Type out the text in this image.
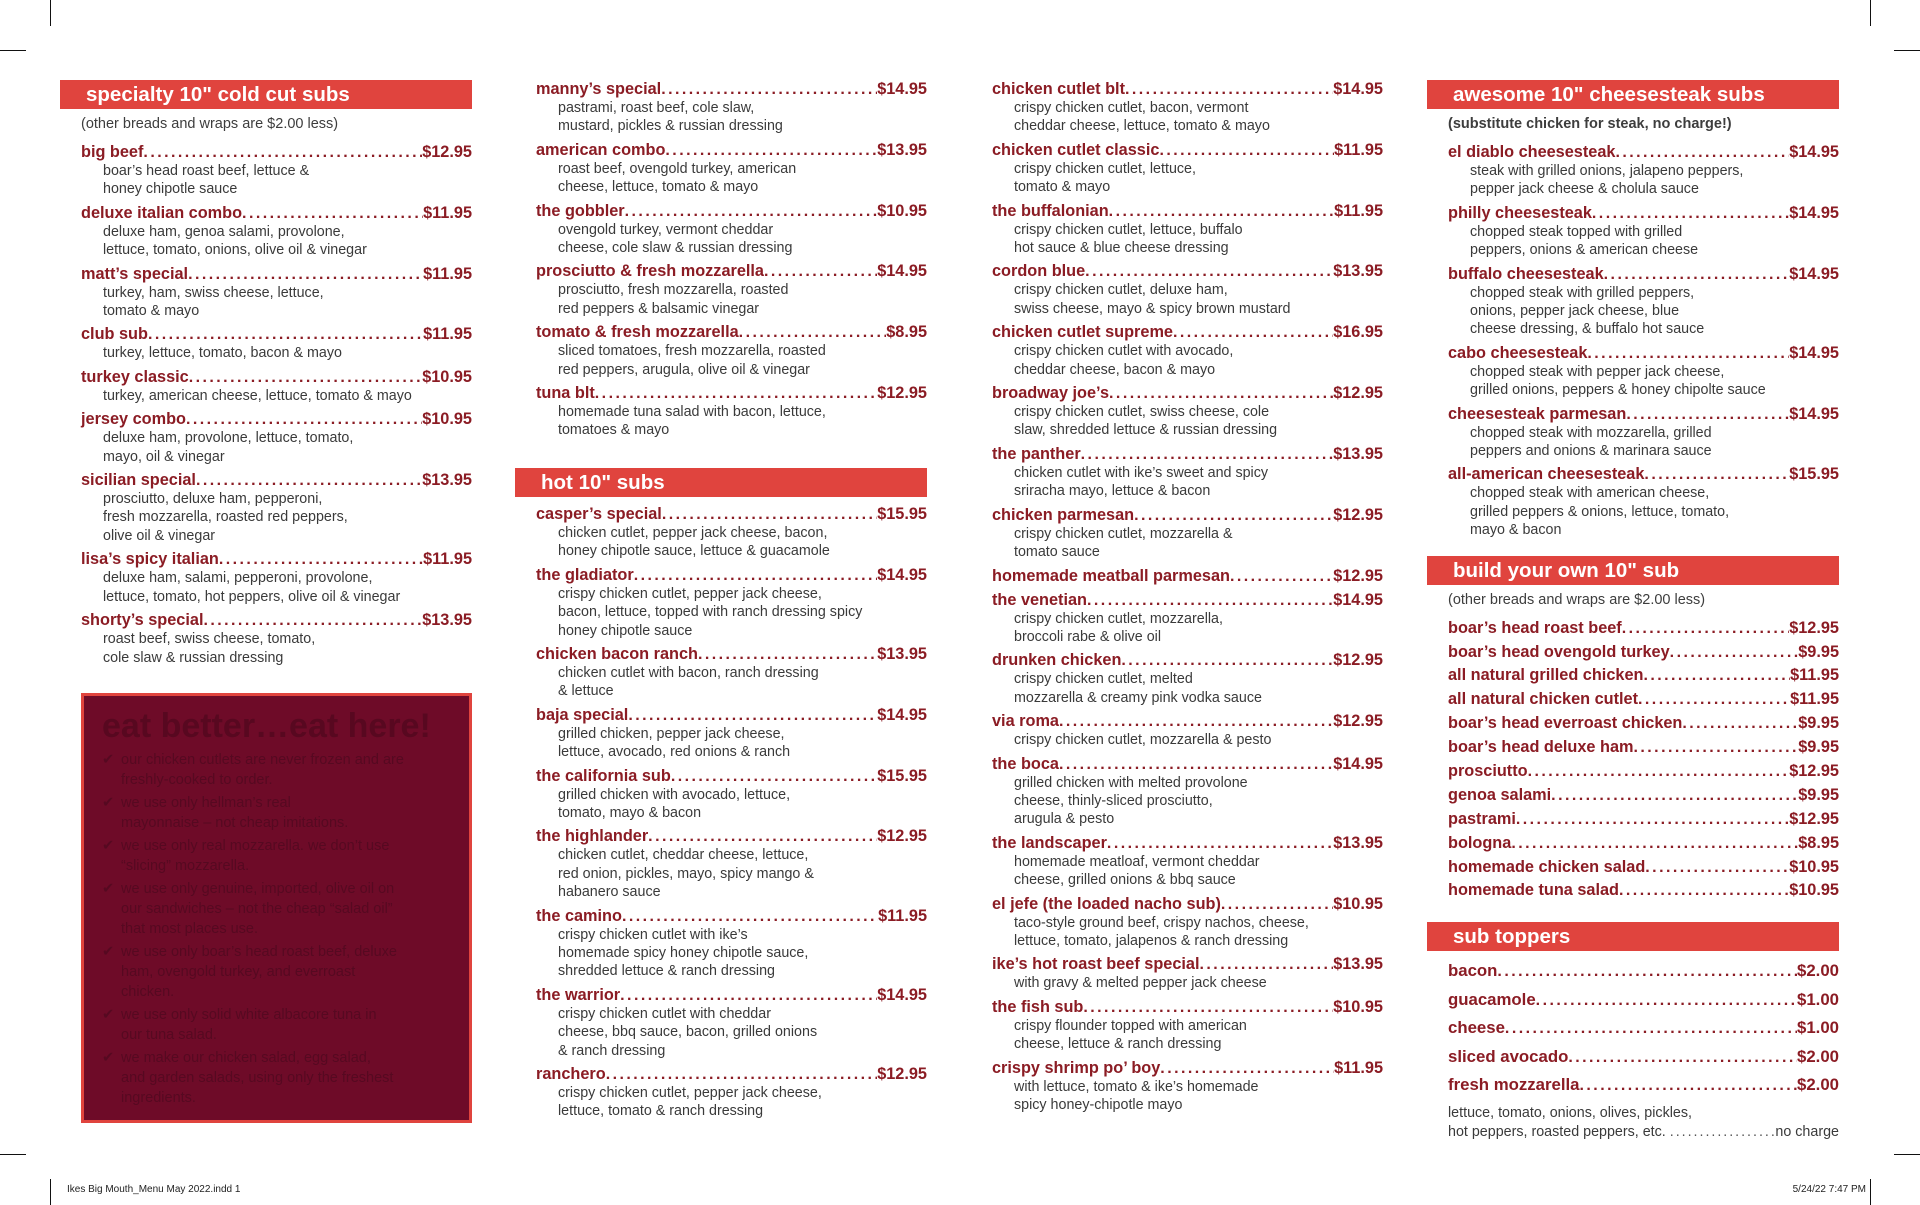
specialty 10" cold cut subs
(other breads and wraps are $2.00 less)
big beef . . .	$12.95
boar’s head roast beef, lettuce &
honey chipotle sauce
deluxe italian combo . . .	$11.95
deluxe ham, genoa salami, provolone,
lettuce, tomato, onions, olive oil & vinegar
matt’s special . . .	$11.95
turkey, ham, swiss cheese, lettuce,
tomato & mayo
club sub . . .	$11.95
turkey, lettuce, tomato, bacon & mayo
turkey classic . . .	$10.95
turkey, american cheese, lettuce, tomato & mayo
jersey combo . . .	$10.95
deluxe ham, provolone, lettuce, tomato,
mayo, oil & vinegar
sicilian special . . .	$13.95
prosciutto, deluxe ham, pepperoni,
fresh mozzarella, roasted red peppers,
olive oil & vinegar
lisa’s spicy italian . . .	$11.95
deluxe ham, salami, pepperoni, provolone,
lettuce, tomato, hot peppers, olive oil & vinegar
shorty’s special . . .	$13.95
roast beef, swiss cheese, tomato,
cole slaw & russian dressing
eat better…eat here!
✔ our chicken cutlets are never frozen and are
freshly-cooked to order.
✔ we use only hellman’s real
mayonnaise – not cheap imitations.
✔ we use only real mozzarella. we don’t use
“slicing” mozzarella.
✔ we use only genuine, imported, olive oil on
our sandwiches – not the cheap “salad oil”
that most places use.
✔ we use only boar’s head roast beef, deluxe
ham, ovengold turkey, and everroast
chicken.
✔ we use only solid white albacore tuna in
our tuna salad.
✔ we make our chicken salad, egg salad,
and garden salads, using only the freshest
ingredients.
manny’s special . . .	$14.95
pastrami, roast beef, cole slaw,
mustard, pickles & russian dressing
american combo . . .	$13.95
roast beef, ovengold turkey, american
cheese, lettuce, tomato & mayo
the gobbler . . .	$10.95
ovengold turkey, vermont cheddar
cheese, cole slaw & russian dressing
prosciutto & fresh mozzarella . . .	$14.95
prosciutto, fresh mozzarella, roasted
red peppers & balsamic vinegar
tomato & fresh mozzarella . . .	$8.95
sliced tomatoes, fresh mozzarella, roasted
red peppers, arugula, olive oil & vinegar
tuna blt . . .	$12.95
homemade tuna salad with bacon, lettuce,
tomatoes & mayo
hot 10" subs
casper’s special . . .	$15.95
chicken cutlet, pepper jack cheese, bacon,
honey chipotle sauce, lettuce & guacamole
the gladiator . . .	$14.95
crispy chicken cutlet, pepper jack cheese,
bacon, lettuce, topped with ranch dressing spicy
honey chipotle sauce
chicken bacon ranch . . .	$13.95
chicken cutlet with bacon, ranch dressing
& lettuce
baja special . . .	$14.95
grilled chicken, pepper jack cheese,
lettuce, avocado, red onions & ranch
the california sub . . .	$15.95
grilled chicken with avocado, lettuce,
tomato, mayo & bacon
the highlander . . .	$12.95
chicken cutlet, cheddar cheese, lettuce,
red onion, pickles, mayo, spicy mango &
habanero sauce
the camino . . .	$11.95
crispy chicken cutlet with ike’s
homemade spicy honey chipotle sauce,
shredded lettuce & ranch dressing
the warrior . . .	$14.95
crispy chicken cutlet with cheddar
cheese, bbq sauce, bacon, grilled onions
& ranch dressing
ranchero . . .	$12.95
crispy chicken cutlet, pepper jack cheese,
lettuce, tomato & ranch dressing
chicken cutlet blt . . .	$14.95
crispy chicken cutlet, bacon, vermont
cheddar cheese, lettuce, tomato & mayo
chicken cutlet classic . . .	$11.95
crispy chicken cutlet, lettuce,
tomato & mayo
the buffalonian . . .	$11.95
crispy chicken cutlet, lettuce, buffalo
hot sauce & blue cheese dressing
cordon blue . . .	$13.95
crispy chicken cutlet, deluxe ham,
swiss cheese, mayo & spicy brown mustard
chicken cutlet supreme . . .	$16.95
crispy chicken cutlet with avocado,
cheddar cheese, bacon & mayo
broadway joe’s . . .	$12.95
crispy chicken cutlet, swiss cheese, cole
slaw, shredded lettuce & russian dressing
the panther . . .	$13.95
chicken cutlet with ike’s sweet and spicy
sriracha mayo, lettuce & bacon
chicken parmesan . . .	$12.95
crispy chicken cutlet, mozzarella &
tomato sauce
homemade meatball parmesan . . .	$12.95
the venetian . . .	$14.95
crispy chicken cutlet, mozzarella,
broccoli rabe & olive oil
drunken chicken . . .	$12.95
crispy chicken cutlet, melted
mozzarella & creamy pink vodka sauce
via roma . . .	$12.95
crispy chicken cutlet, mozzarella & pesto
the boca . . .	$14.95
grilled chicken with melted provolone
cheese, thinly-sliced prosciutto,
arugula & pesto
the landscaper . . .	$13.95
homemade meatloaf, vermont cheddar
cheese, grilled onions & bbq sauce
el jefe (the loaded nacho sub) . . .	$10.95
taco-style ground beef, crispy nachos, cheese,
lettuce, tomato, jalapenos & ranch dressing
ike’s hot roast beef special . . .	$13.95
with gravy & melted pepper jack cheese
the fish sub . . .	$10.95
crispy flounder topped with american
cheese, lettuce & ranch dressing
crispy shrimp po’ boy . . .	$11.95
with lettuce, tomato & ike’s homemade
spicy honey-chipotle mayo
awesome 10" cheesesteak subs
(substitute chicken for steak, no charge!)
el diablo cheesesteak . . .	$14.95
steak with grilled onions, jalapeno peppers,
pepper jack cheese & cholula sauce
philly cheesesteak . . .	$14.95
chopped steak topped with grilled
peppers, onions & american cheese
buffalo cheesesteak . . .	$14.95
chopped steak with grilled peppers,
onions, pepper jack cheese, blue
cheese dressing, & buffalo hot sauce
cabo cheesesteak . . .	$14.95
chopped steak with pepper jack cheese,
grilled onions, peppers & honey chipolte sauce
cheesesteak parmesan . . .	$14.95
chopped steak with mozzarella, grilled
peppers and onions & marinara sauce
all-american cheesesteak . . .	$15.95
chopped steak with american cheese,
grilled peppers & onions, lettuce, tomato,
mayo & bacon
build your own 10" sub
(other breads and wraps are $2.00 less)
boar’s head roast beef . . .	$12.95
boar’s head ovengold turkey . . .	$9.95
all natural grilled chicken . . .	$11.95
all natural chicken cutlet . . .	$11.95
boar’s head everroast chicken . . .	$9.95
boar’s head deluxe ham . . .	$9.95
prosciutto . . .	$12.95
genoa salami . . .	$9.95
pastrami . . .	$12.95
bologna . . .	$8.95
homemade chicken salad . . .	$10.95
homemade tuna salad . . .	$10.95
sub toppers
bacon . . .	$2.00
guacamole . . .	$1.00
cheese . . .	$1.00
sliced avocado . . .	$2.00
fresh mozzarella . . .	$2.00
lettuce, tomato, onions, olives, pickles,
hot peppers, roasted peppers, etc. . . .	no charge
Ikes Big Mouth_Menu May 2022.indd 1	5/24/22 7:47 PM
